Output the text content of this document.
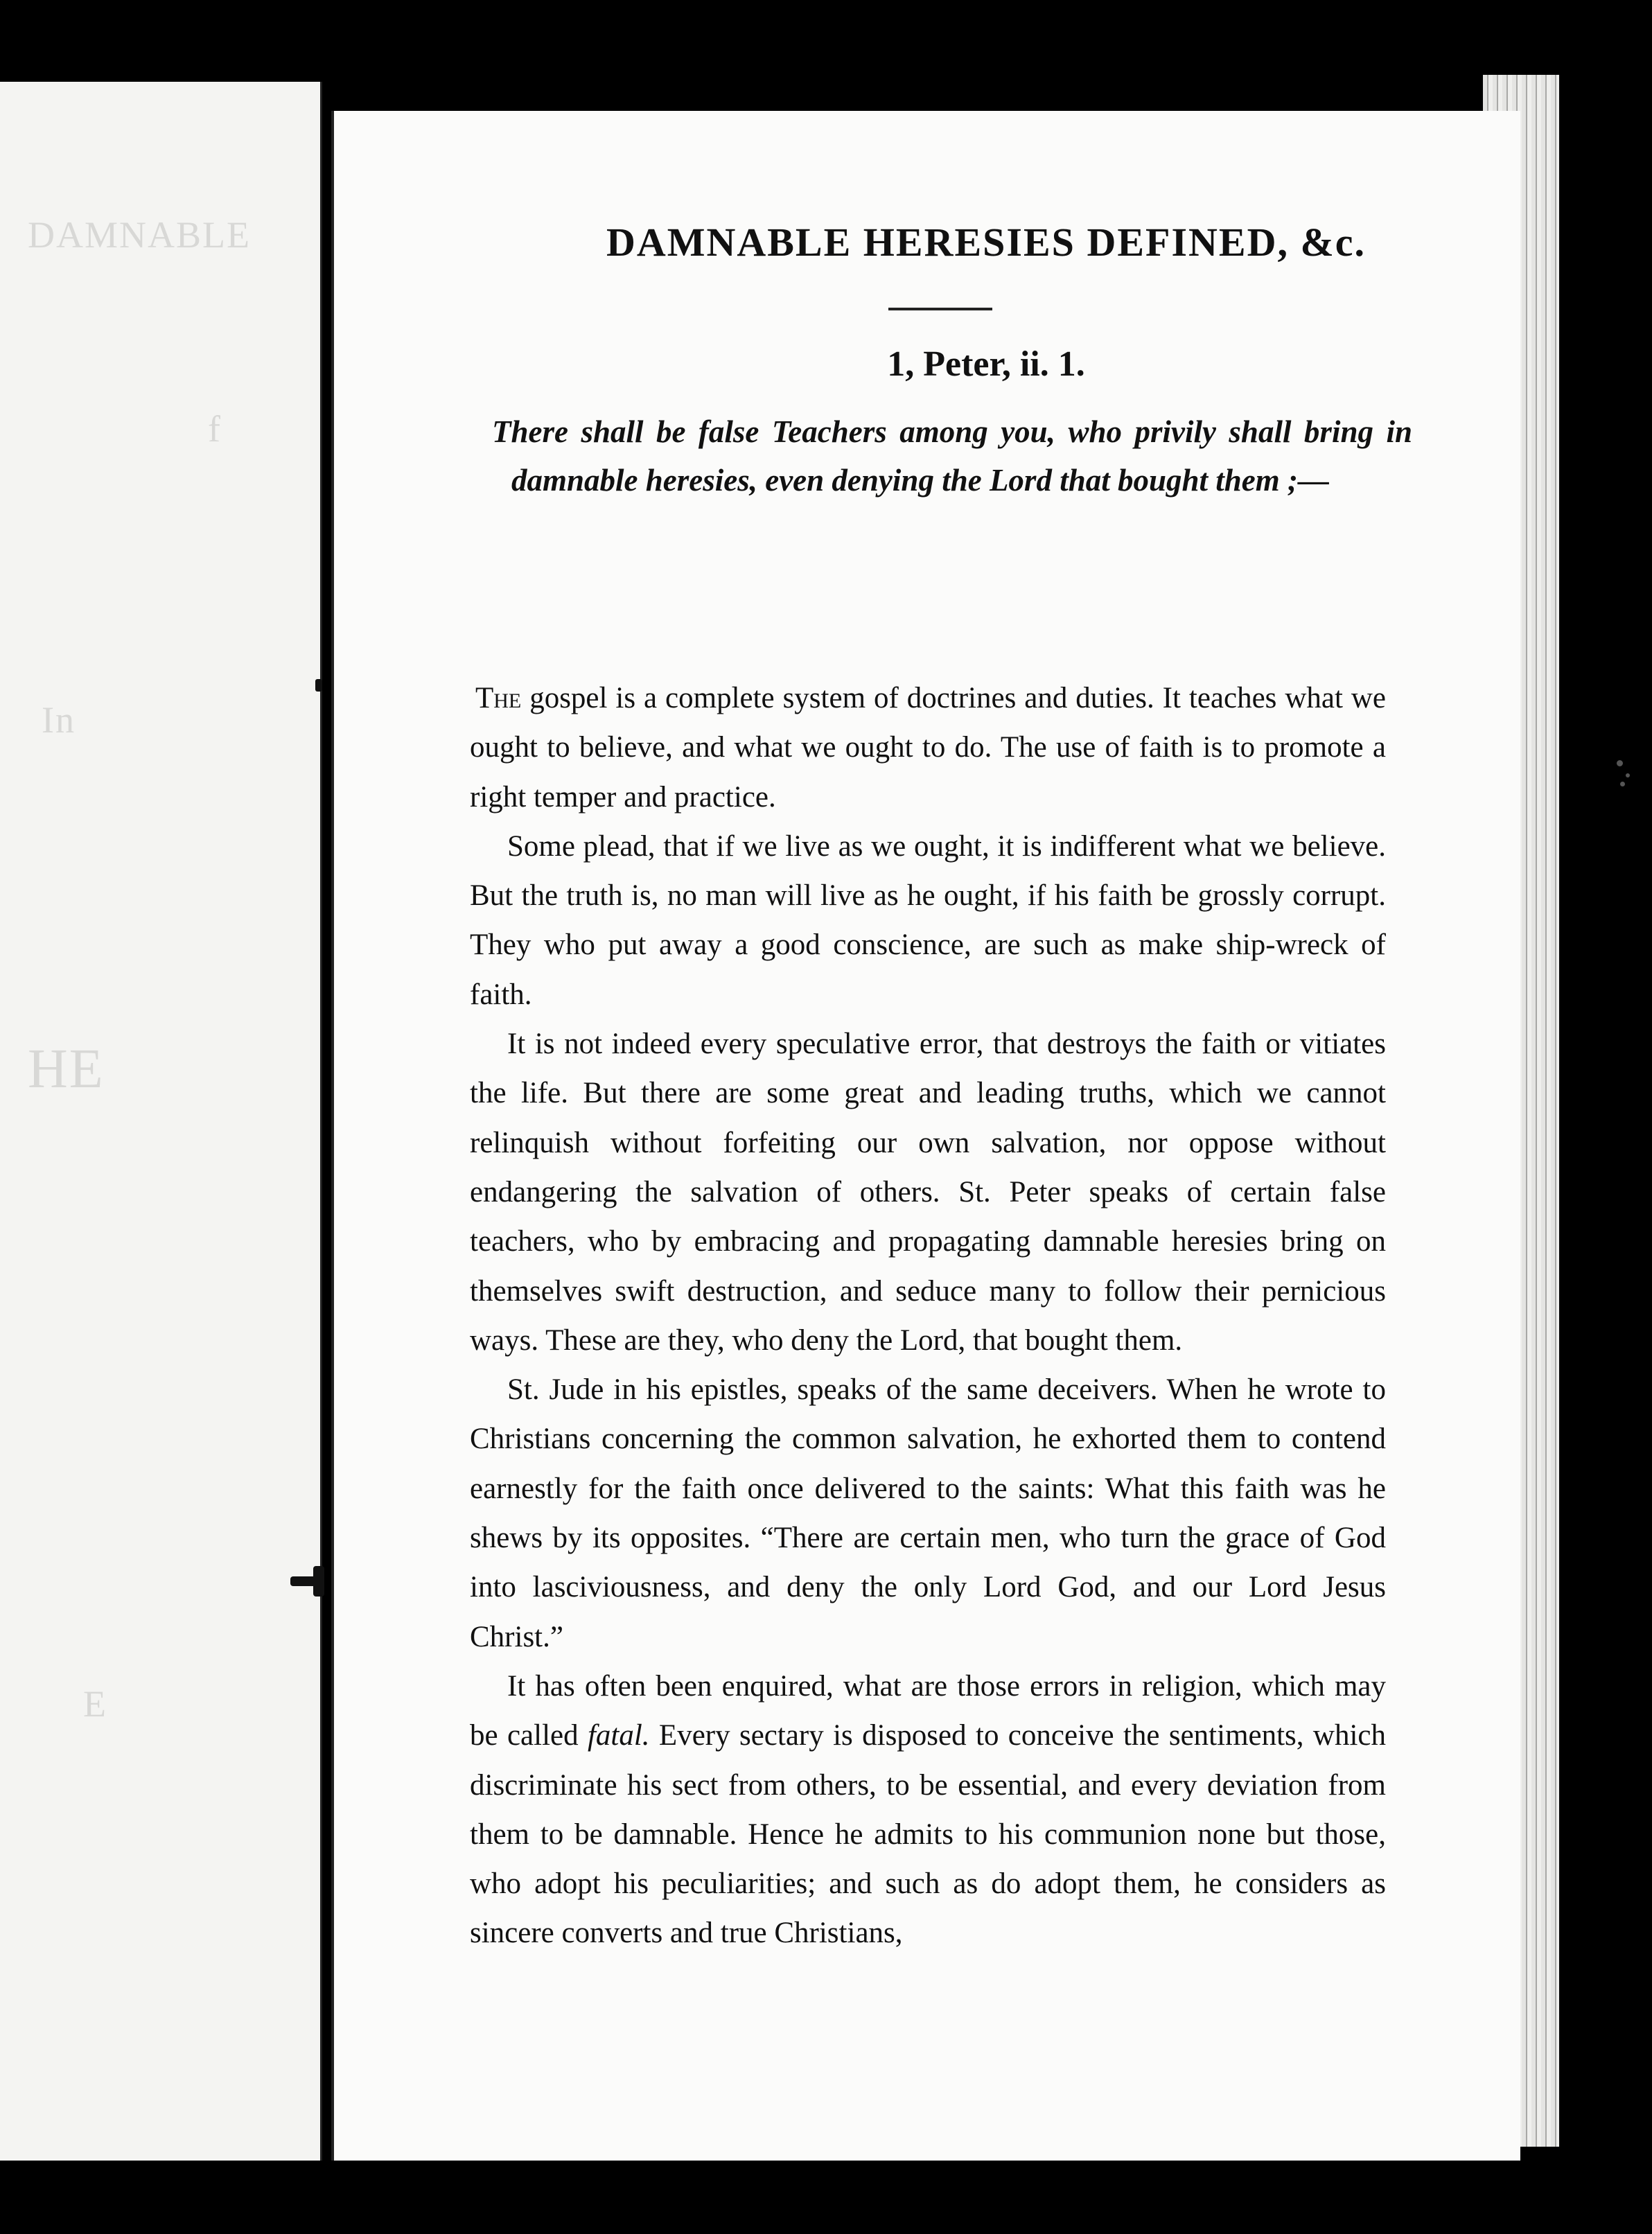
DAMNABLE
f
In
HE
E
DAMNABLE HERESIES DEFINED, &c.
1, Peter, ii. 1.
There shall be false Teachers among you, who privily shall bring in damnable heresies, even denying the Lord that bought them ;—

The gospel is a complete system of doctrines and duties. It teaches what we ought to believe, and what we ought to do. The use of faith is to promote a right temper and practice.

Some plead, that if we live as we ought, it is indifferent what we believe. But the truth is, no man will live as he ought, if his faith be grossly corrupt. They who put away a good conscience, are such as make ship-wreck of faith.

It is not indeed every speculative error, that destroys the faith or vitiates the life. But there are some great and leading truths, which we cannot relinquish without forfeiting our own salvation, nor oppose without endangering the salvation of others. St. Peter speaks of certain false teachers, who by embracing and propagating damnable heresies bring on themselves swift destruction, and seduce many to follow their pernicious ways. These are they, who deny the Lord, that bought them.

St. Jude in his epistles, speaks of the same deceivers. When he wrote to Christians concerning the common salvation, he exhorted them to contend earnestly for the faith once delivered to the saints: What this faith was he shews by its opposites. “There are certain men, who turn the grace of God into lasciviousness, and deny the only Lord God, and our Lord Jesus Christ.”

It has often been enquired, what are those errors in religion, which may be called fatal. Every sectary is disposed to conceive the sentiments, which discriminate his sect from others, to be essential, and every deviation from them to be damnable. Hence he admits to his communion none but those, who adopt his peculiarities; and such as do adopt them, he considers as sincere converts and true Christians,
